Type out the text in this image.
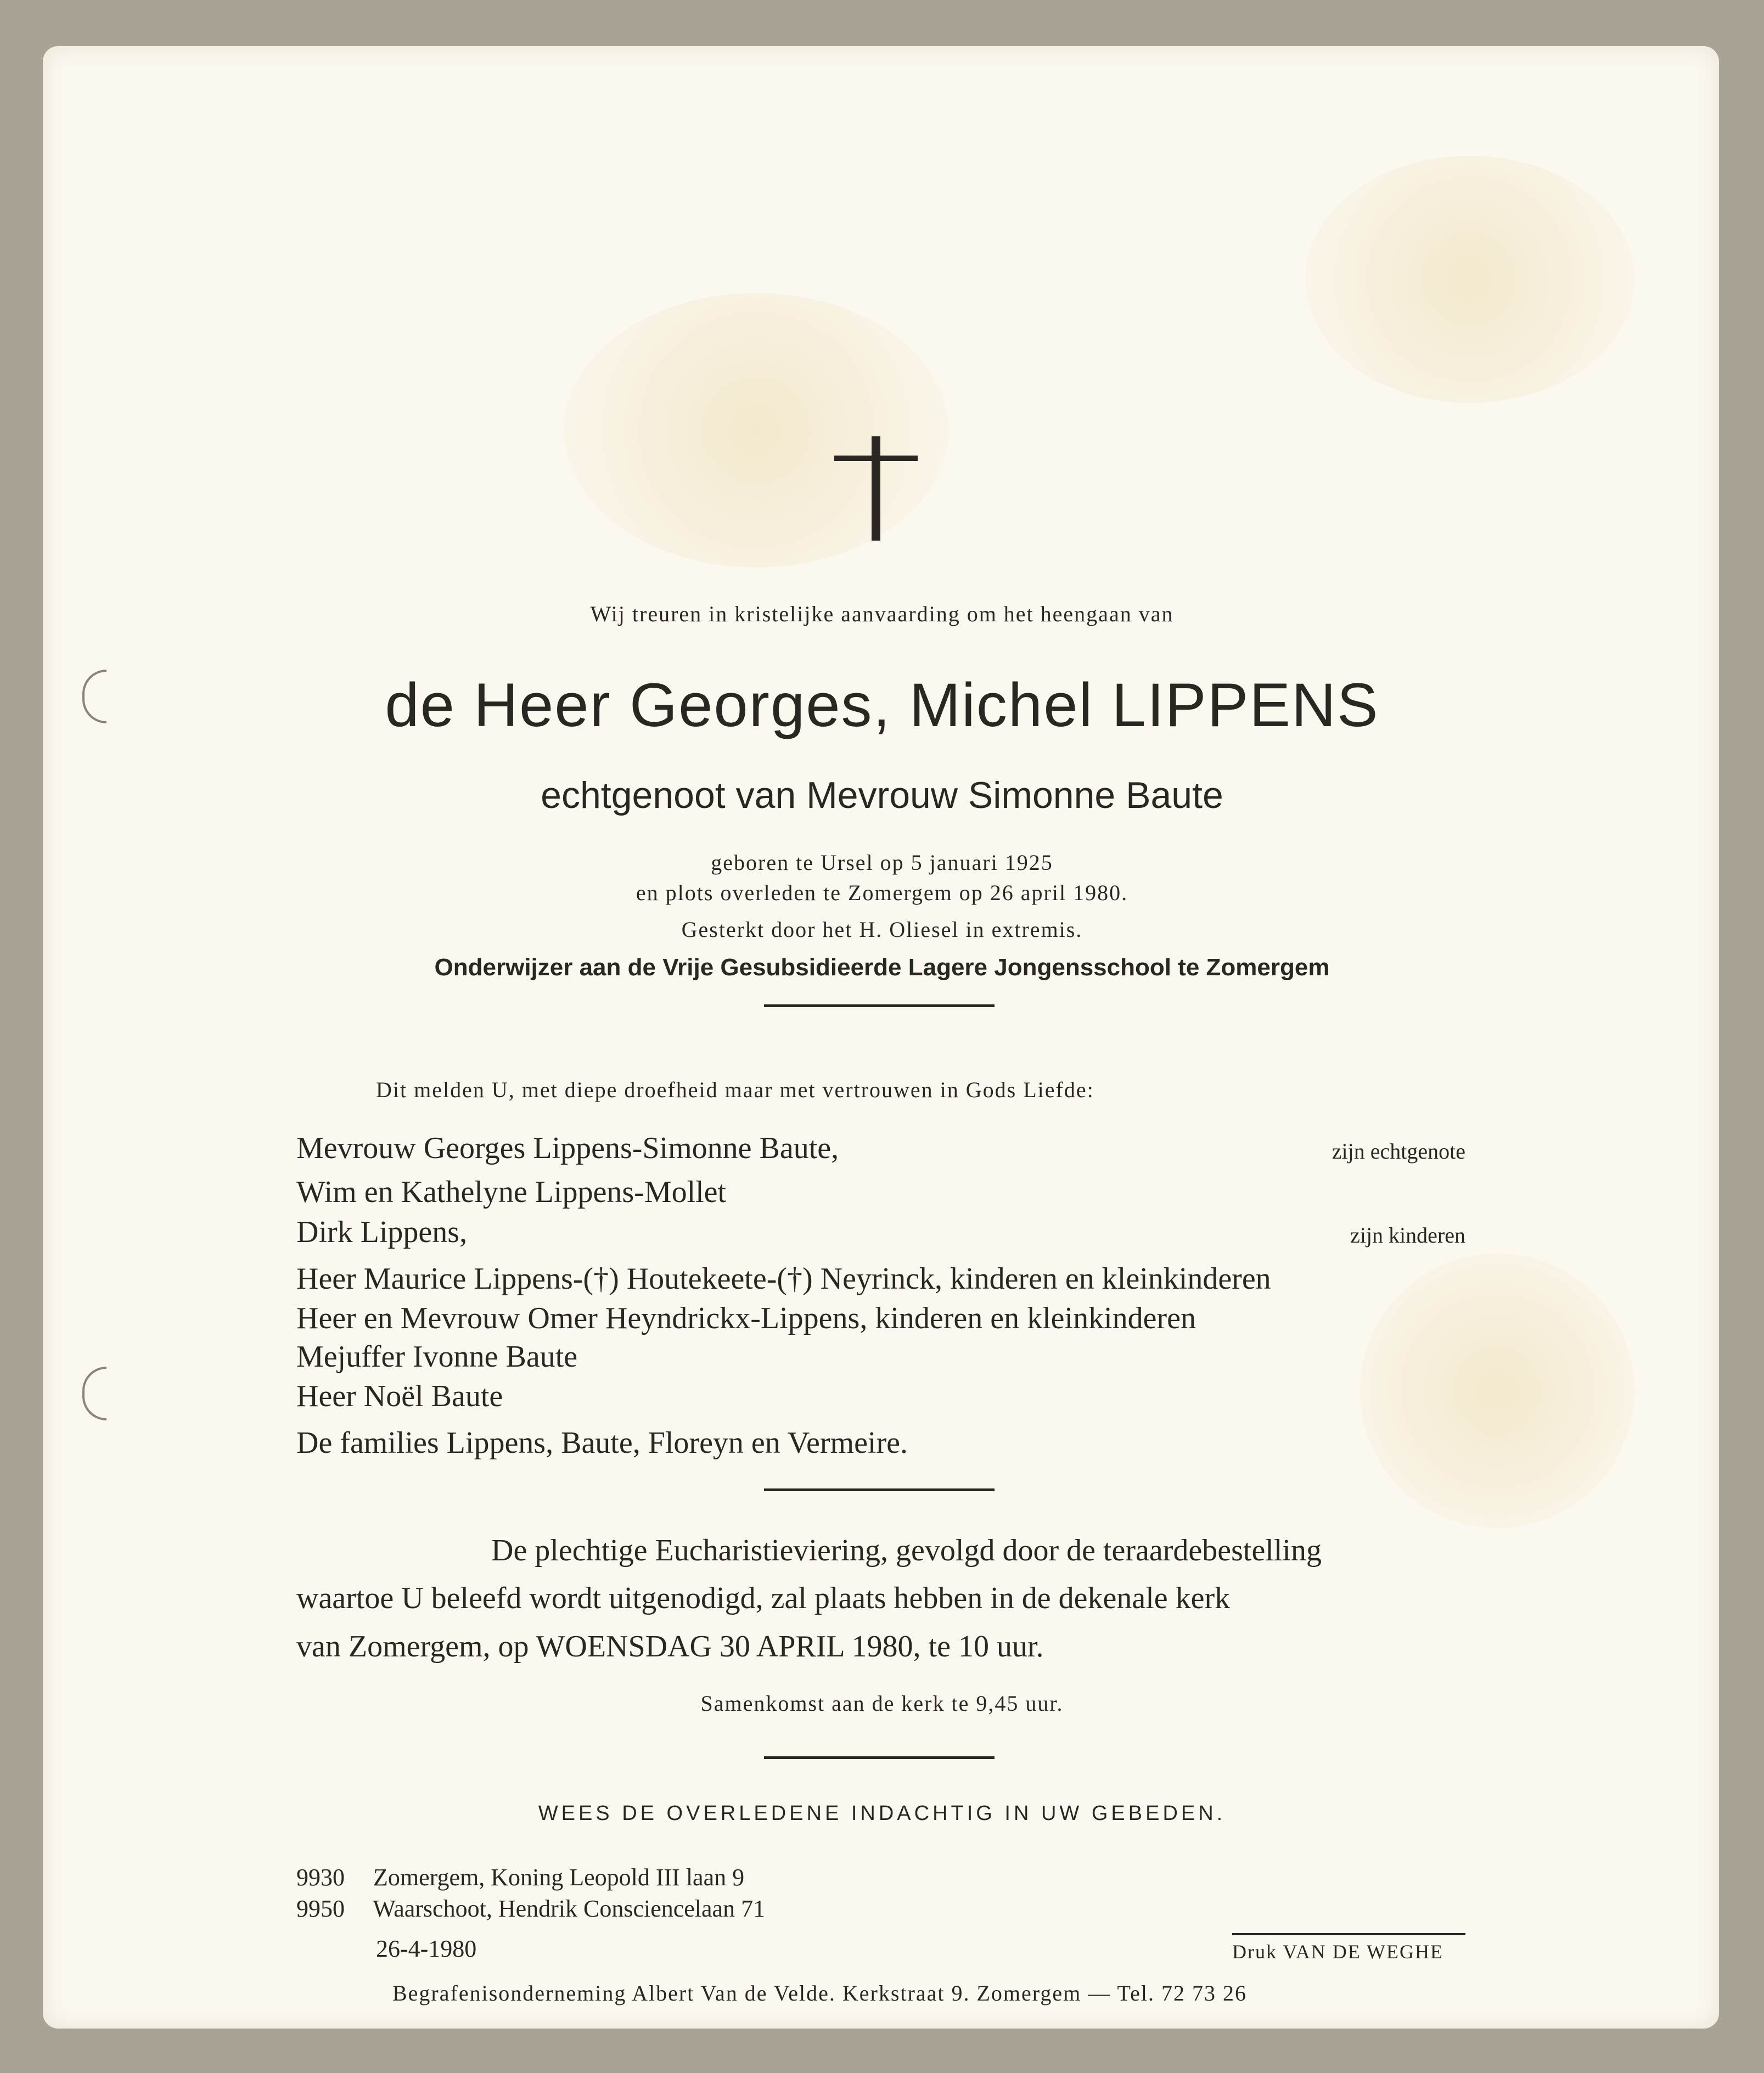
Wij treuren in kristelijke aanvaarding om het heengaan van
de Heer Georges, Michel LIPPENS
echtgenoot van Mevrouw Simonne Baute
geboren te Ursel op 5 januari 1925
en plots overleden te Zomergem op 26 april 1980.
Gesterkt door het H. Oliesel in extremis.
Onderwijzer aan de Vrije Gesubsidieerde Lagere Jongensschool te Zomergem
Dit melden U, met diepe droefheid maar met vertrouwen in Gods Liefde:
Mevrouw Georges Lippens-Simonne Baute,	zijn echtgenote
Wim en Kathelyne Lippens-Mollet
Dirk Lippens,	zijn kinderen
Heer Maurice Lippens-(†) Houtekeete-(†) Neyrinck, kinderen en kleinkinderen
Heer en Mevrouw Omer Heyndrickx-Lippens, kinderen en kleinkinderen
Mejuffer Ivonne Baute
Heer Noël Baute
De families Lippens, Baute, Floreyn en Vermeire.
De plechtige Eucharistieviering, gevolgd door de teraardebestelling
waartoe U beleefd wordt uitgenodigd, zal plaats hebben in de dekenale kerk
van Zomergem, op WOENSDAG 30 APRIL 1980, te 10 uur.
Samenkomst aan de kerk te 9,45 uur.
WEES DE OVERLEDENE INDACHTIG IN UW GEBEDEN.
9930 Zomergem, Koning Leopold III laan 9
9950 Waarschoot, Hendrik Consciencelaan 71
26-4-1980	Druk VAN DE WEGHE
Begrafenisonderneming Albert Van de Velde. Kerkstraat 9. Zomergem — Tel. 72 73 26
